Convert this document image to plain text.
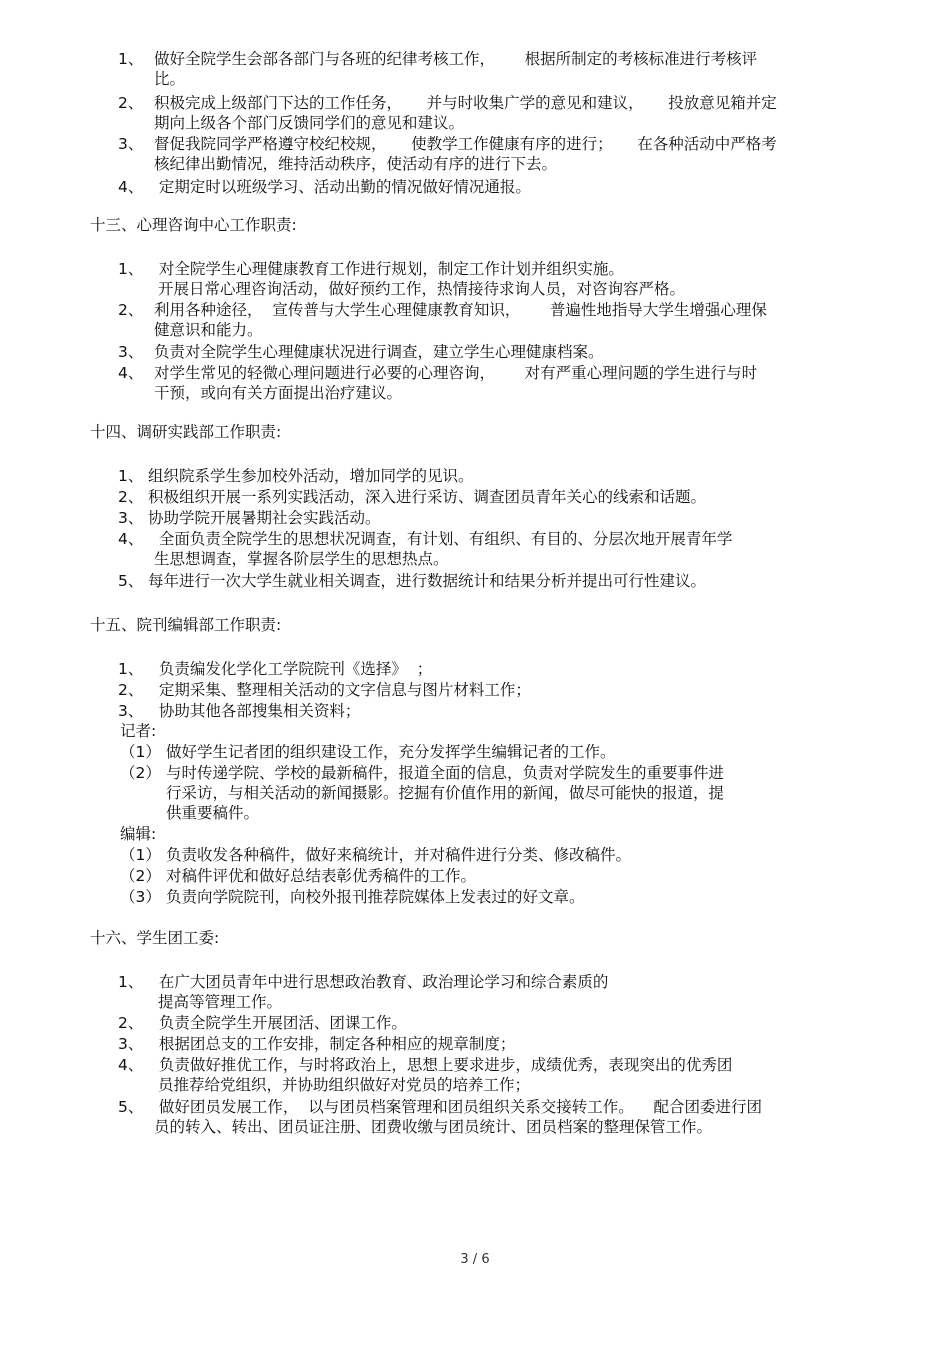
1、 做好全院学生会部各部门与各班的纪律考核工作，      根据所制定的考核标准进行考核评
比。
2、 积极完成上级部门下达的工作任务，     并与时收集广学的意见和建议，     投放意见箱并定
期向上级各个部门反馈同学们的意见和建议。
3、 督促我院同学严格遵守校纪校规，     使教学工作健康有序的进行；     在各种活动中严格考
核纪律出勤情况，维持活动秩序，使活动有序的进行下去。
4、 定期定时以班级学习、活动出勤的情况做好情况通报。
十三、心理咨询中心工作职责:
1、 对全院学生心理健康教育工作进行规划，制定工作计划并组织实施。
开展日常心理咨询活动，做好预约工作，热情接待求询人员，对咨询容严格。
2、 利用各种途径，  宣传普与大学生心理健康教育知识，      普遍性地指导大学生增强心理保
健意识和能力。
3、 负责对全院学生心理健康状况进行调查，建立学生心理健康档案。
4、 对学生常见的轻微心理问题进行必要的心理咨询，      对有严重心理问题的学生进行与时
干预，或向有关方面提出治疗建议。
十四、调研实践部工作职责:
1、 组织院系学生参加校外活动，增加同学的见识。
2、 积极组织开展一系列实践活动，深入进行采访、调查团员青年关心的线索和话题。
3、 协助学院开展暑期社会实践活动。
4、 全面负责全院学生的思想状况调查，有计划、有组织、有目的、分层次地开展青年学
生思想调查，掌握各阶层学生的思想热点。
5、 每年进行一次大学生就业相关调查，进行数据统计和结果分析并提出可行性建议。
十五、院刊编辑部工作职责:
1、 负责编发化学化工学院院刊《选择》  ；
2、 定期采集、整理相关活动的文字信息与图片材料工作；
3、 协助其他各部搜集相关资料；
记者:
（1） 做好学生记者团的组织建设工作，充分发挥学生编辑记者的工作。
（2） 与时传递学院、学校的最新稿件，报道全面的信息，负责对学院发生的重要事件进
行采访，与相关活动的新闻摄影。挖掘有价值作用的新闻，做尽可能快的报道，提
供重要稿件。
编辑:
（1） 负责收发各种稿件，做好来稿统计，并对稿件进行分类、修改稿件。
（2） 对稿件评优和做好总结表彰优秀稿件的工作。
（3） 负责向学院院刊，向校外报刊推荐院媒体上发表过的好文章。
十六、学生团工委:
1、 在广大团员青年中进行思想政治教育、政治理论学习和综合素质的
提高等管理工作。
2、 负责全院学生开展团活、团课工作。
3、 根据团总支的工作安排，制定各种相应的规章制度；
4、 负责做好推优工作，与时将政治上，思想上要求进步，成绩优秀，表现突出的优秀团
员推荐给党组织，并协助组织做好对党员的培养工作；
5、 做好团员发展工作，  以与团员档案管理和团员组织关系交接转工作。    配合团委进行团
员的转入、转出、团员证注册、团费收缴与团员统计、团员档案的整理保管工作。
3 / 6
